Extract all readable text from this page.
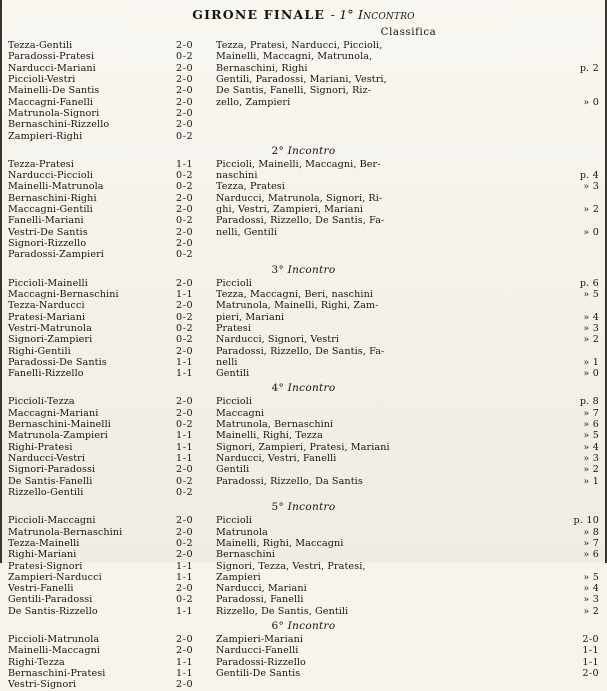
GIRONE FINALE - 1° Incontro
Classifica
Tezza-Gentili	2-0	Tezza, Pratesi, Narducci, Piccioli,	
Paradossi-Pratesi	0-2	Mainelli, Maccagni, Matrunola,	
Narducci-Mariani	2-0	Bernaschini, Righi	p. 2
Piccioli-Vestri	2-0	Gentili, Paradossi, Mariani, Vestri,	
Mainelli-De Santis	2-0	De Santis, Fanelli, Signori, Riz-	
Maccagni-Fanelli	2-0	zello, Zampieri	» 0
Matrunola-Signori	2-0		
Bernaschini-Rizzello	2-0		
Zampieri-Righi	0-2		
2° Incontro
Tezza-Pratesi	1-1	Piccioli, Mainelli, Maccagni, Ber-	
Narducci-Piccioli	0-2	naschini	p. 4
Mainelli-Matrunola	0-2	Tezza, Pratesi	» 3
Bernaschini-Righi	2-0	Narducci, Matrunola, Signori, Ri-	
Maccagni-Gentili	2-0	ghi, Vestri, Zampieri, Mariani	» 2
Fanelli-Mariani	0-2	Paradossi, Rizzello, De Santis, Fa-	
Vestri-De Santis	2-0	nelli, Gentili	» 0
Signori-Rizzello	2-0		
Paradossi-Zampieri	0-2		
3° Incontro
Piccioli-Mainelli	2-0	Piccioli	p. 6
Maccagni-Bernaschini	1-1	Tezza, Maccagni, Beri, naschini	» 5
Tezza-Narducci	2-0	Matrunola, Mainelli, Righi, Zam-	
Pratesi-Mariani	0-2	pieri, Mariani	» 4
Vestri-Matrunola	0-2	Pratesi	» 3
Signori-Zampieri	0-2	Narducci, Signori, Vestri	» 2
Righi-Gentili	2-0	Paradossi, Rizzello, De Santis, Fa-	
Paradossi-De Santis	1-1	nelli	» 1
Fanelli-Rizzello	1-1	Gentili	» 0
4° Incontro
Piccioli-Tezza	2-0	Piccioli	p. 8
Maccagni-Mariani	2-0	Maccagni	» 7
Bernaschini-Mainelli	0-2	Matrunola, Bernaschini	» 6
Matrunola-Zampieri	1-1	Mainelli, Righi, Tezza	» 5
Righi-Pratesi	1-1	Signori, Zampieri, Pratesi, Mariani	» 4
Narducci-Vestri	1-1	Narducci, Vestri, Fanelli	» 3
Signori-Paradossi	2-0	Gentili	» 2
De Santis-Fanelli	0-2	Paradossi, Rizzello, Da Santis	» 1
Rizzello-Gentili	0-2		
5° Incontro
Piccioli-Maccagni	2-0	Piccioli	p. 10
Matrunola-Bernaschini	2-0	Matrunola	» 8
Tezza-Mainelli	0-2	Mainelli, Righi, Maccagni	» 7
Righi-Mariani	2-0	Bernaschini	» 6
Pratesi-Signori	1-1	Signori, Tezza, Vestri, Pratesi,	
Zampieri-Narducci	1-1	Zampieri	» 5
Vestri-Fanelli	2-0	Narducci, Mariani	» 4
Gentili-Paradossi	0-2	Paradossi, Fanelli	» 3
De Santis-Rizzello	1-1	Rizzello, De Santis, Gentili	» 2
6° Incontro
Piccioli-Matrunola	2-0	Zampieri-Mariani	2-0
Mainelli-Maccagni	2-0	Narducci-Fanelli	1-1
Righi-Tezza	1-1	Paradossi-Rizzello	1-1
Bernaschini-Pratesi	1-1	Gentili-De Santis	2-0
Vestri-Signori	2-0		
